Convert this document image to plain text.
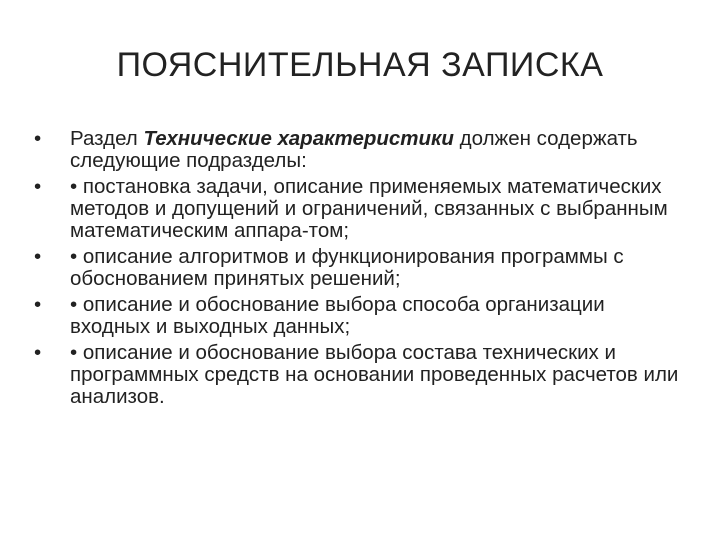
ПОЯСНИТЕЛЬНАЯ ЗАПИСКА
•	Раздел Технические характеристики должен содержать следующие подразделы:
•	• постановка задачи, описание применяемых математических методов и допущений и ограничений, связанных с выбранным математическим аппара-том;
•	• описание алгоритмов и функционирования программы с обоснованием принятых решений;
•	• описание и обоснование выбора способа организации входных и выходных данных;
•	• описание и обоснование выбора состава технических и программных средств на основании проведенных расчетов или анализов.
